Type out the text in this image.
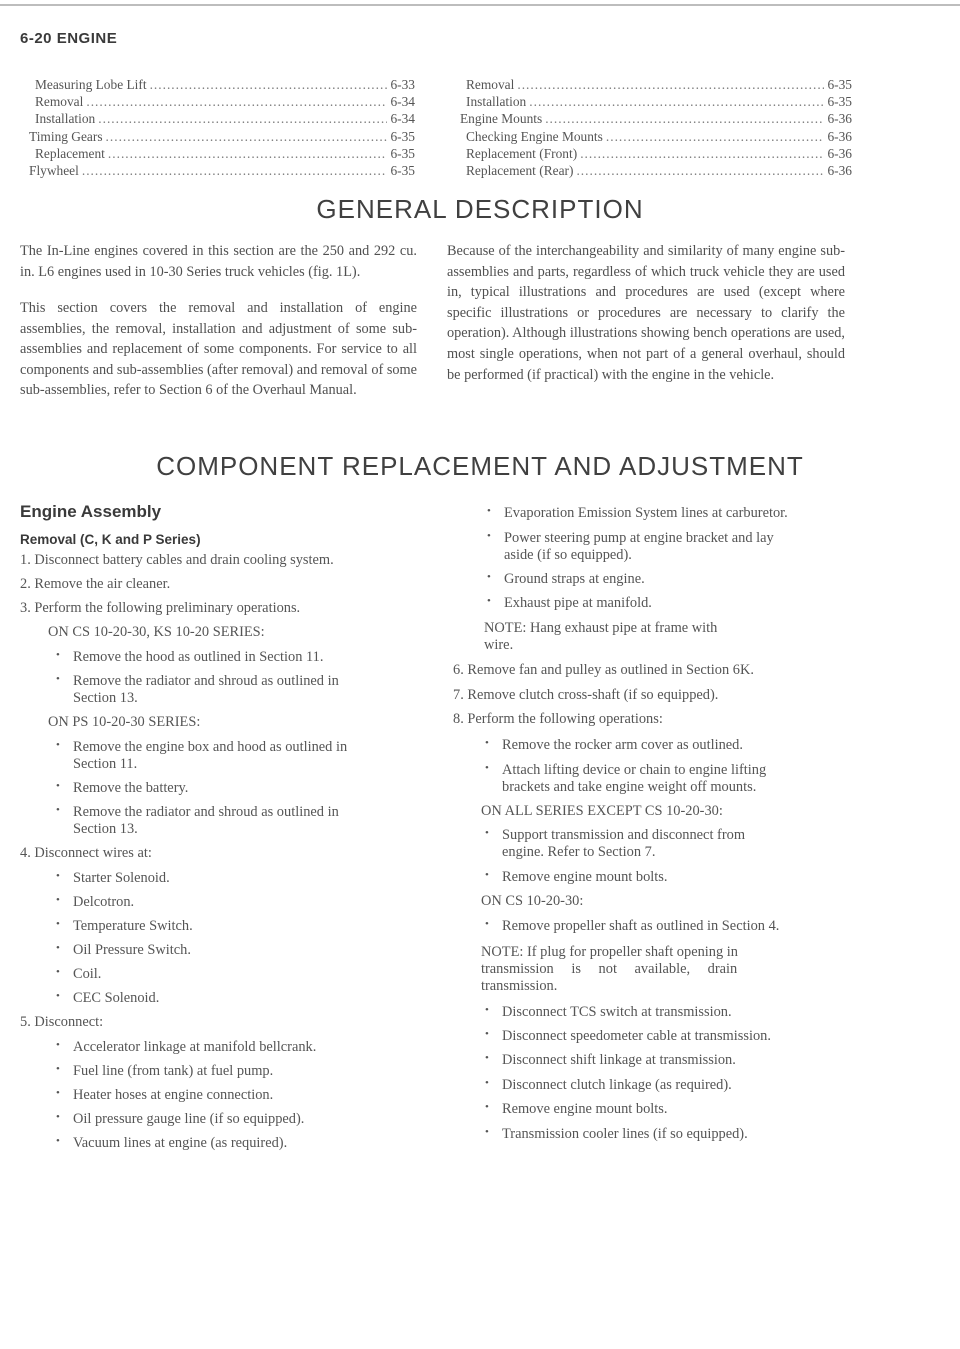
6-20 ENGINE
Measuring Lobe Lift .....	6-33
Removal .....	6-34
Installation .....	6-34
Timing Gears .....	6-35
Replacement .....	6-35
Flywheel .....	6-35
Removal .....	6-35
Installation .....	6-35
Engine Mounts .....	6-36
Checking Engine Mounts .....	6-36
Replacement (Front) .....	6-36
Replacement (Rear) .....	6-36
GENERAL DESCRIPTION

The In-Line engines covered in this section are the 250 and 292 cu. in. L6 engines used in 10-30 Series truck vehicles (fig. 1L).

This section covers the removal and installation of engine assemblies, the removal, installation and adjustment of some sub-assemblies and replacement of some components. For service to all components and sub-assemblies (after removal) and removal of some sub-assemblies, refer to Section 6 of the Overhaul Manual.

Because of the interchangeability and similarity of many engine sub-assemblies and parts, regardless of which truck vehicle they are used in, typical illustrations and procedures are used (except where specific illustrations or procedures are necessary to clarify the operation). Although illustrations showing bench operations are used, most single operations, when not part of a general overhaul, should be performed (if practical) with the engine in the vehicle.

COMPONENT REPLACEMENT AND ADJUSTMENT
Engine Assembly
Removal (C, K and P Series)
1. Disconnect battery cables and drain cooling system.
2. Remove the air cleaner.
3. Perform the following preliminary operations.
ON CS 10-20-30, KS 10-20 SERIES:
• Remove the hood as outlined in Section 11.
• Remove the radiator and shroud as outlined in
Section 13.
ON PS 10-20-30 SERIES:
• Remove the engine box and hood as outlined in
Section 11.
• Remove the battery.
• Remove the radiator and shroud as outlined in
Section 13.
4. Disconnect wires at:
• Starter Solenoid.
• Delcotron.
• Temperature Switch.
• Oil Pressure Switch.
• Coil.
• CEC Solenoid.
5. Disconnect:
• Accelerator linkage at manifold bellcrank.
• Fuel line (from tank) at fuel pump.
• Heater hoses at engine connection.
• Oil pressure gauge line (if so equipped).
• Vacuum lines at engine (as required).
• Evaporation Emission System lines at carburetor.
• Power steering pump at engine bracket and lay
aside (if so equipped).
• Ground straps at engine.
• Exhaust pipe at manifold.
NOTE: Hang exhaust pipe at frame with
wire.
6. Remove fan and pulley as outlined in Section 6K.
7. Remove clutch cross-shaft (if so equipped).
8. Perform the following operations:
• Remove the rocker arm cover as outlined.
• Attach lifting device or chain to engine lifting
brackets and take engine weight off mounts.
ON ALL SERIES EXCEPT CS 10-20-30:
• Support transmission and disconnect from
engine. Refer to Section 7.
• Remove engine mount bolts.
ON CS 10-20-30:
• Remove propeller shaft as outlined in Section 4.
NOTE: If plug for propeller shaft opening in
transmission is not available, drain
transmission.
• Disconnect TCS switch at transmission.
• Disconnect speedometer cable at transmission.
• Disconnect shift linkage at transmission.
• Disconnect clutch linkage (as required).
• Remove engine mount bolts.
• Transmission cooler lines (if so equipped).
